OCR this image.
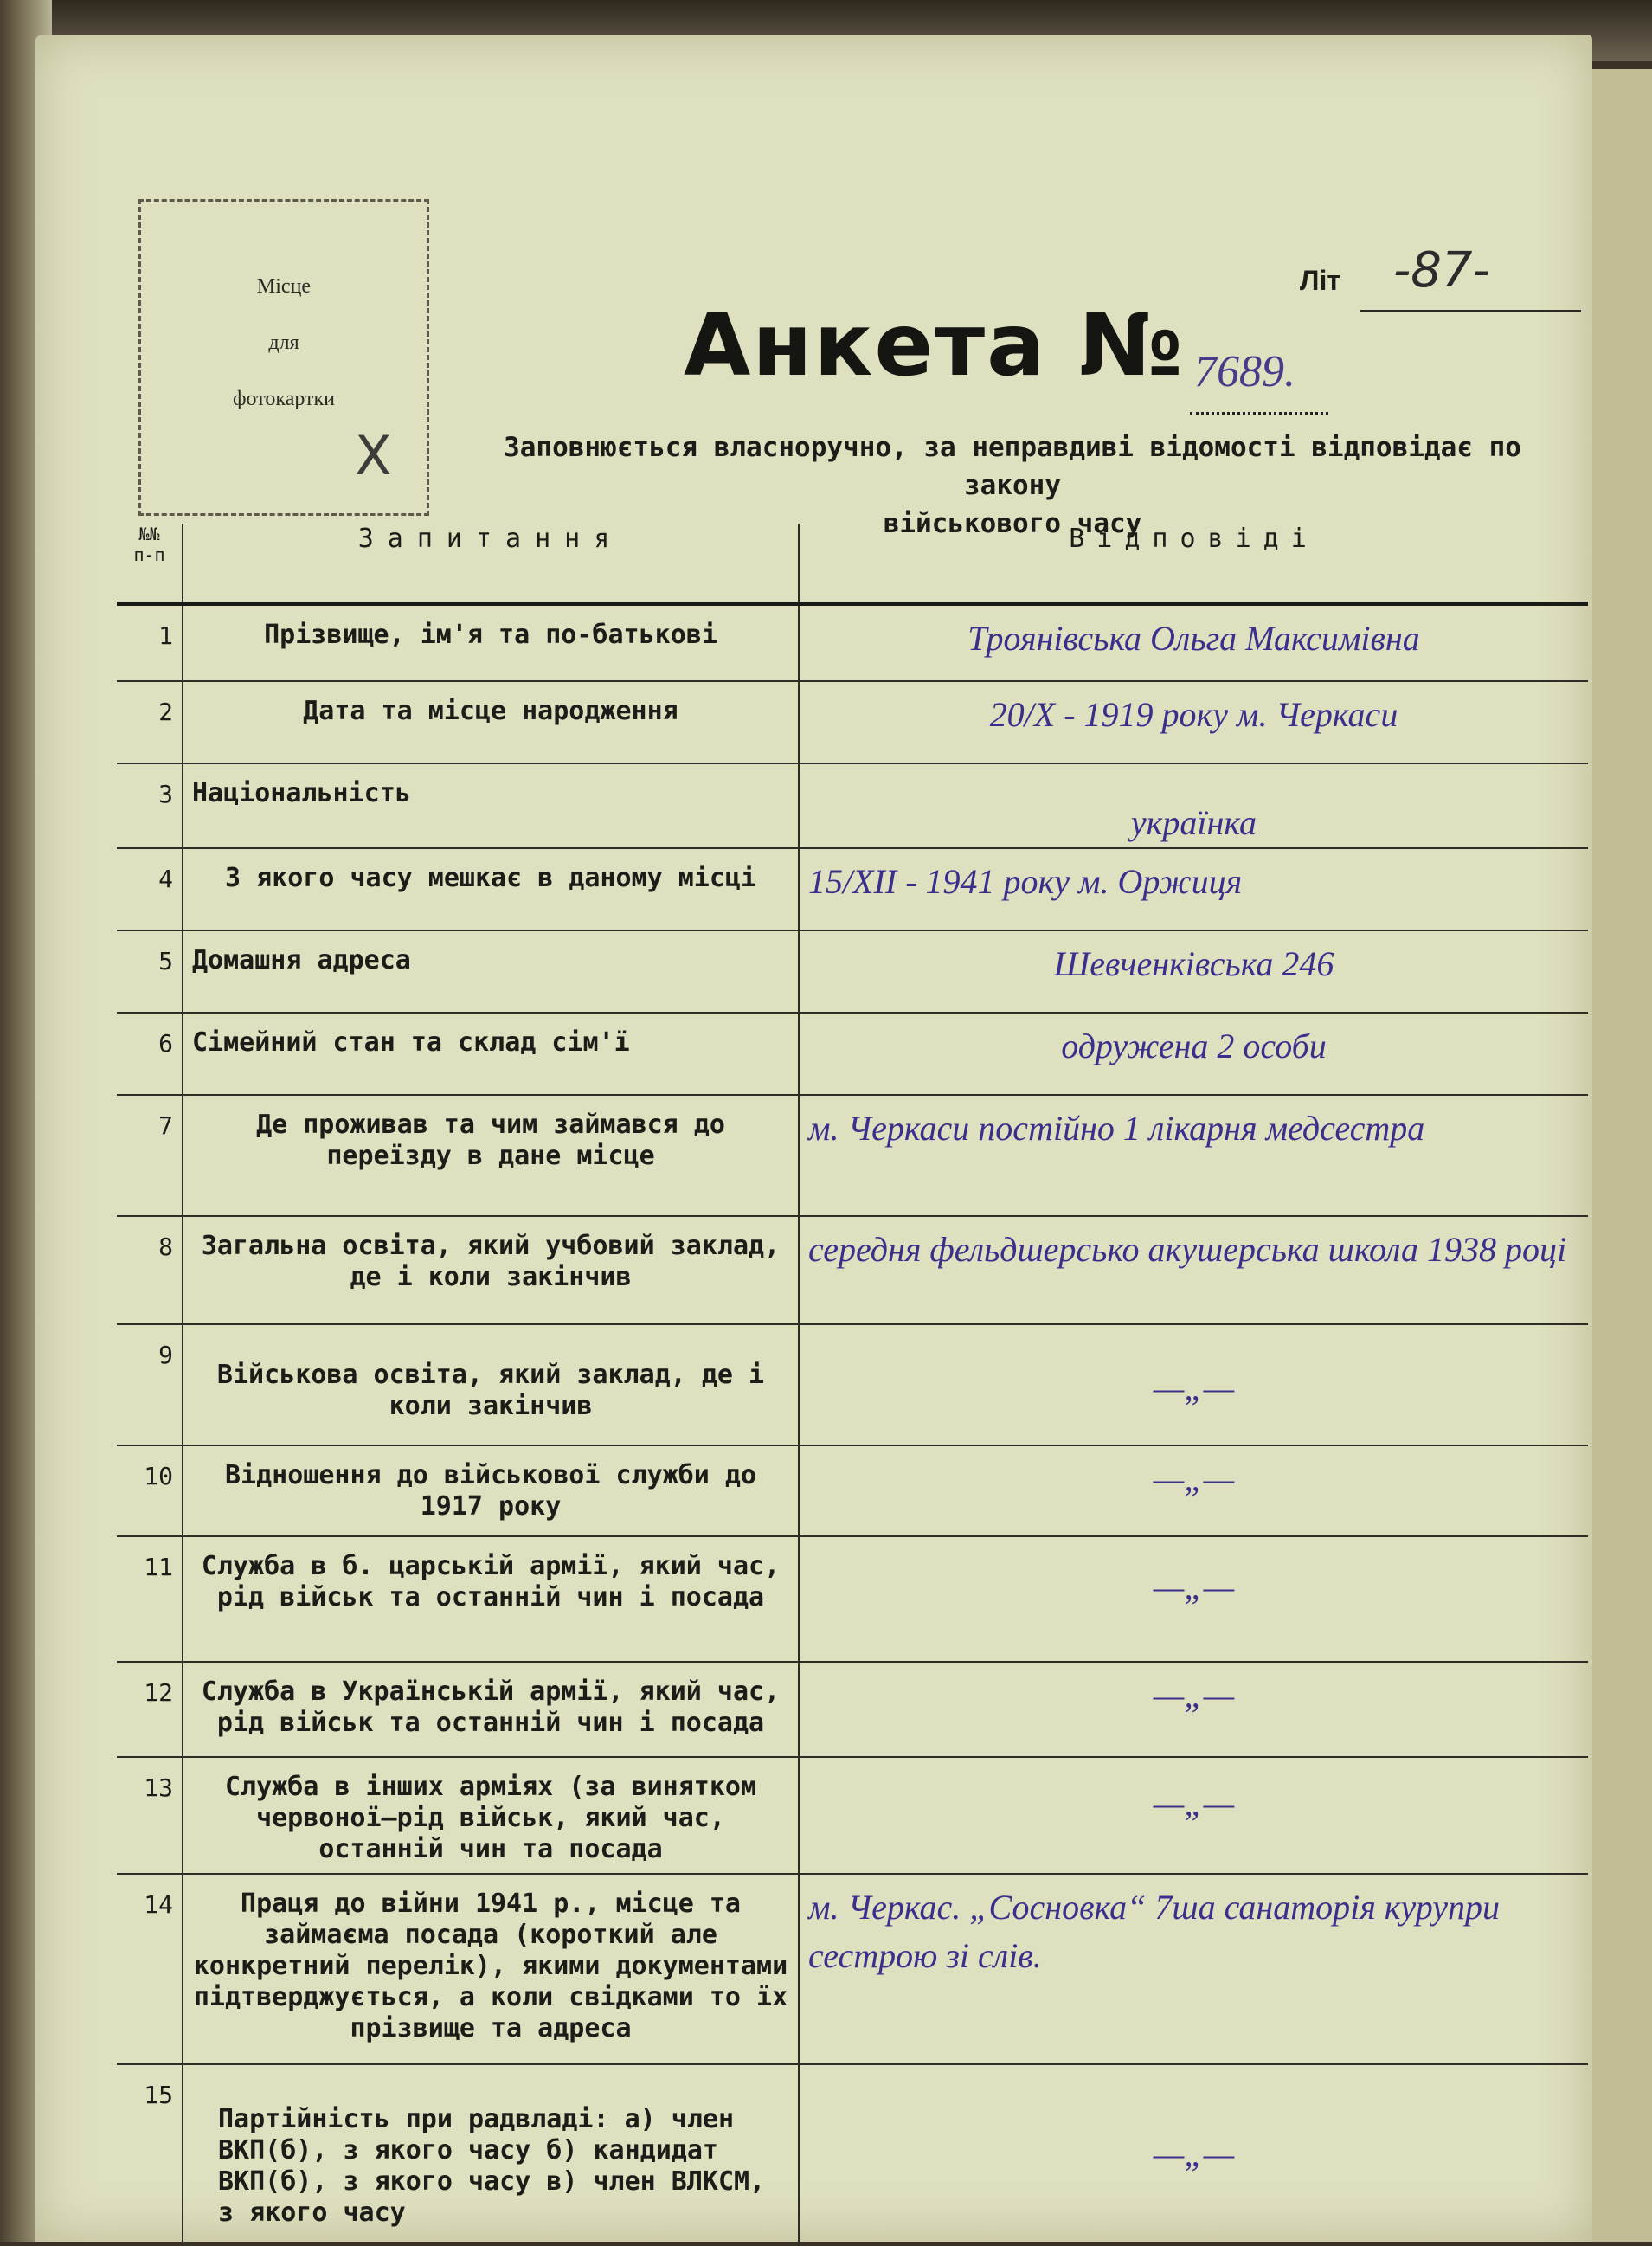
Місце
для
фотокартки
X
Літ -87-
Анкета № 7689.
Заповнюється власноручно, за неправдиві відомості відповідає по закону
військового часу
№№ п-п	Запитання	Відповіді
1	Прізвище, ім'я та по-батькові	Троянівська Ольга Максимівна
2	Дата та місце народження	20/X - 1919 року м. Черкаси
3	Національність	українка
4	З якого часу мешкає в даному місці	15/XII - 1941 року м. Оржиця
5	Домашня адреса	Шевченківська 246
6	Сімейний стан та склад сім'ї	одружена 2 особи
7	Де проживав та чим займався до переїзду в дане місце	м. Черкаси постійно 1 лікарня медсестра
8	Загальна освіта, який учбовий заклад, де і коли закінчив	середня фельдшерсько акушерська школа 1938 році
9	Військова освіта, який заклад, де і коли закінчив	—„—
10	Відношення до військової служби до 1917 року	—„—
11	Служба в б. царській армії, який час, рід військ та останній чин і посада	—„—
12	Служба в Українській армії, який час, рід військ та останній чин і посада	—„—
13	Служба в інших арміях (за винятком червоної—рід військ, який час, останній чин та посада	—„—
14	Праця до війни 1941 р., місце та займаєма посада (короткий але конкретний перелік), якими документами підтверджується, а коли свідками то їх прізвище та адреса	м. Черкас. „Сосновка“ 7ша санаторія курупри сестрою зі слів.
15	Партійність при радвладі: а) член ВКП(б), з якого часу б) кандидат ВКП(б), з якого часу в) член ВЛКСМ, з якого часу	—„—
